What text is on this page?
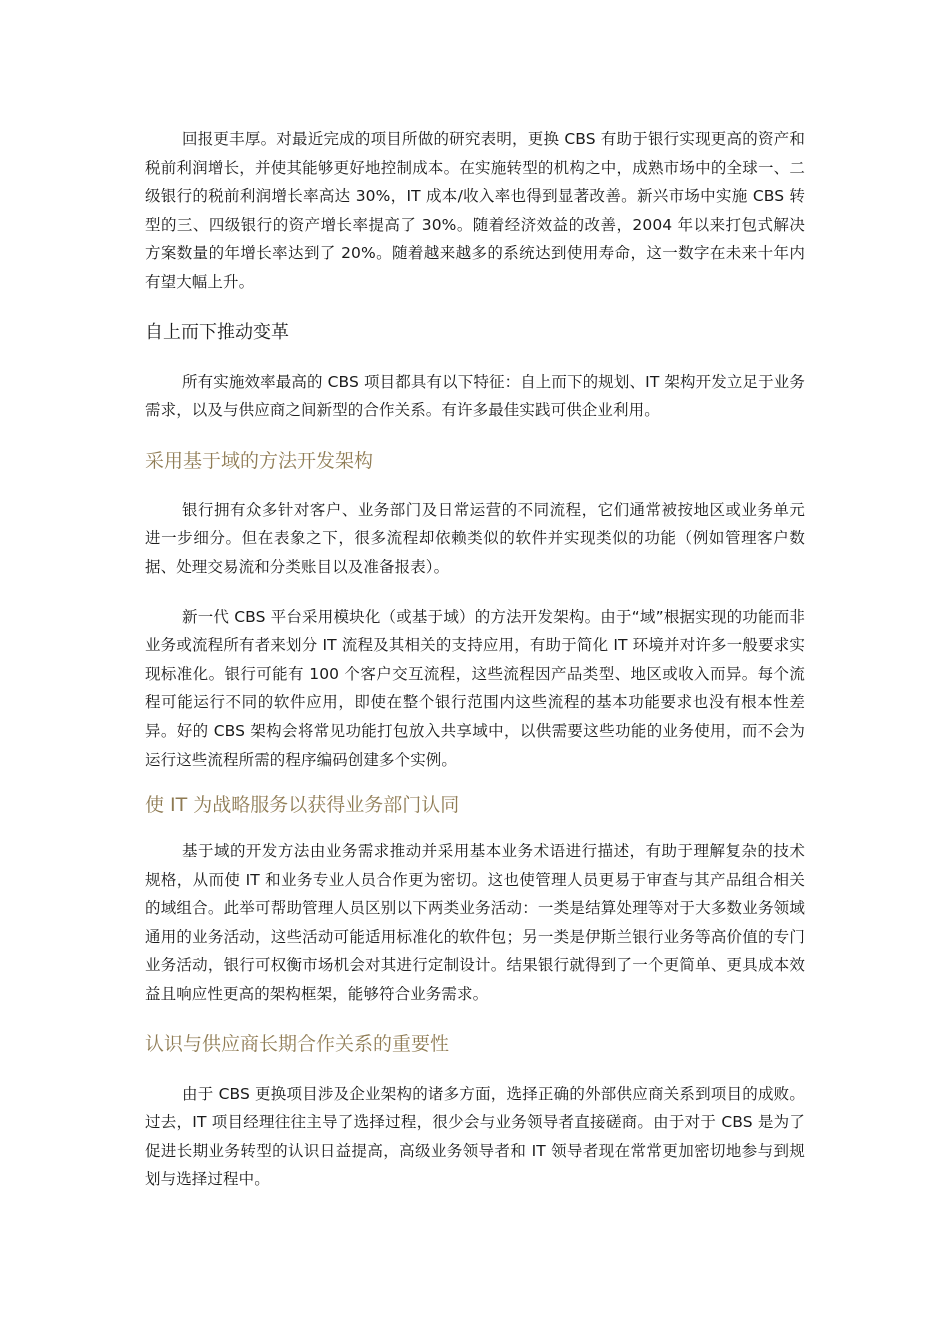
回报更丰厚。对最近完成的项目所做的研究表明，更换 CBS 有助于银行实现更高的资产和税前利润增长，并使其能够更好地控制成本。在实施转型的机构之中，成熟市场中的全球一、二级银行的税前利润增长率高达 30%，IT 成本/收入率也得到显著改善。新兴市场中实施 CBS 转型的三、四级银行的资产增长率提高了 30%。随着经济效益的改善，2004 年以来打包式解决方案数量的年增长率达到了 20%。随着越来越多的系统达到使用寿命，这一数字在未来十年内有望大幅上升。

自上而下推动变革

所有实施效率最高的 CBS 项目都具有以下特征：自上而下的规划、IT 架构开发立足于业务需求，以及与供应商之间新型的合作关系。有许多最佳实践可供企业利用。

采用基于域的方法开发架构

银行拥有众多针对客户、业务部门及日常运营的不同流程，它们通常被按地区或业务单元进一步细分。但在表象之下，很多流程却依赖类似的软件并实现类似的功能（例如管理客户数据、处理交易流和分类账目以及准备报表）。

新一代 CBS 平台采用模块化（或基于域）的方法开发架构。由于“域”根据实现的功能而非业务或流程所有者来划分 IT 流程及其相关的支持应用，有助于简化 IT 环境并对许多一般要求实现标准化。银行可能有 100 个客户交互流程，这些流程因产品类型、地区或收入而异。每个流程可能运行不同的软件应用，即使在整个银行范围内这些流程的基本功能要求也没有根本性差异。好的 CBS 架构会将常见功能打包放入共享域中，以供需要这些功能的业务使用，而不会为运行这些流程所需的程序编码创建多个实例。

使 IT 为战略服务以获得业务部门认同

基于域的开发方法由业务需求推动并采用基本业务术语进行描述，有助于理解复杂的技术规格，从而使 IT 和业务专业人员合作更为密切。这也使管理人员更易于审查与其产品组合相关的域组合。此举可帮助管理人员区别以下两类业务活动：一类是结算处理等对于大多数业务领域通用的业务活动，这些活动可能适用标准化的软件包；另一类是伊斯兰银行业务等高价值的专门业务活动，银行可权衡市场机会对其进行定制设计。结果银行就得到了一个更简单、更具成本效益且响应性更高的架构框架，能够符合业务需求。

认识与供应商长期合作关系的重要性

由于 CBS 更换项目涉及企业架构的诸多方面，选择正确的外部供应商关系到项目的成败。过去，IT 项目经理往往主导了选择过程，很少会与业务领导者直接磋商。由于对于 CBS 是为了促进长期业务转型的认识日益提高，高级业务领导者和 IT 领导者现在常常更加密切地参与到规划与选择过程中。
